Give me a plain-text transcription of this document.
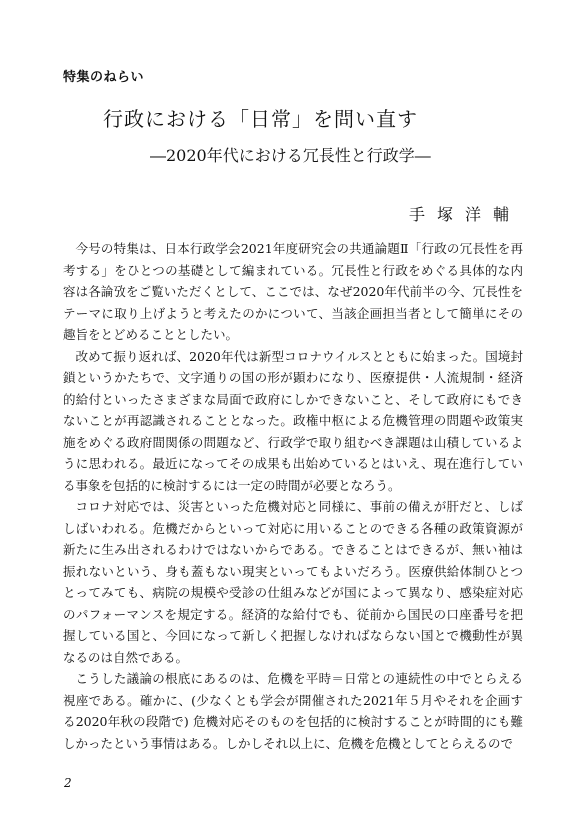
特集のねらい
行政における「日常」を問い直す
―2020年代における冗長性と行政学―
手塚洋輔

今号の特集は、日本行政学会2021年度研究会の共通論題Ⅱ「行政の冗長性を再考する」をひとつの基礎として編まれている。冗長性と行政をめぐる具体的な内容は各論攷をご覧いただくとして、ここでは、なぜ2020年代前半の今、冗長性をテーマに取り上げようと考えたのかについて、当該企画担当者として簡単にその趣旨をとどめることとしたい。

改めて振り返れば、2020年代は新型コロナウイルスとともに始まった。国境封鎖というかたちで、文字通りの国の形が顕わになり、医療提供・人流規制・経済的給付といったさまざまな局面で政府にしかできないこと、そして政府にもできないことが再認識されることとなった。政権中枢による危機管理の問題や政策実施をめぐる政府間関係の問題など、行政学で取り組むべき課題は山積しているように思われる。最近になってその成果も出始めているとはいえ、現在進行している事象を包括的に検討するには一定の時間が必要となろう。

コロナ対応では、災害といった危機対応と同様に、事前の備えが肝だと、しばしばいわれる。危機だからといって対応に用いることのできる各種の政策資源が新たに生み出されるわけではないからである。できることはできるが、無い袖は振れないという、身も蓋もない現実といってもよいだろう。医療供給体制ひとつとってみても、病院の規模や受診の仕組みなどが国によって異なり、感染症対応のパフォーマンスを規定する。経済的な給付でも、従前から国民の口座番号を把握している国と、今回になって新しく把握しなければならない国とで機動性が異なるのは自然である。

こうした議論の根底にあるのは、危機を平時＝日常との連続性の中でとらえる視座である。確かに、(少なくとも学会が開催された2021年５月やそれを企画する2020年秋の段階で) 危機対応そのものを包括的に検討することが時間的にも難しかったという事情はある。しかしそれ以上に、危機を危機としてとらえるので

2
